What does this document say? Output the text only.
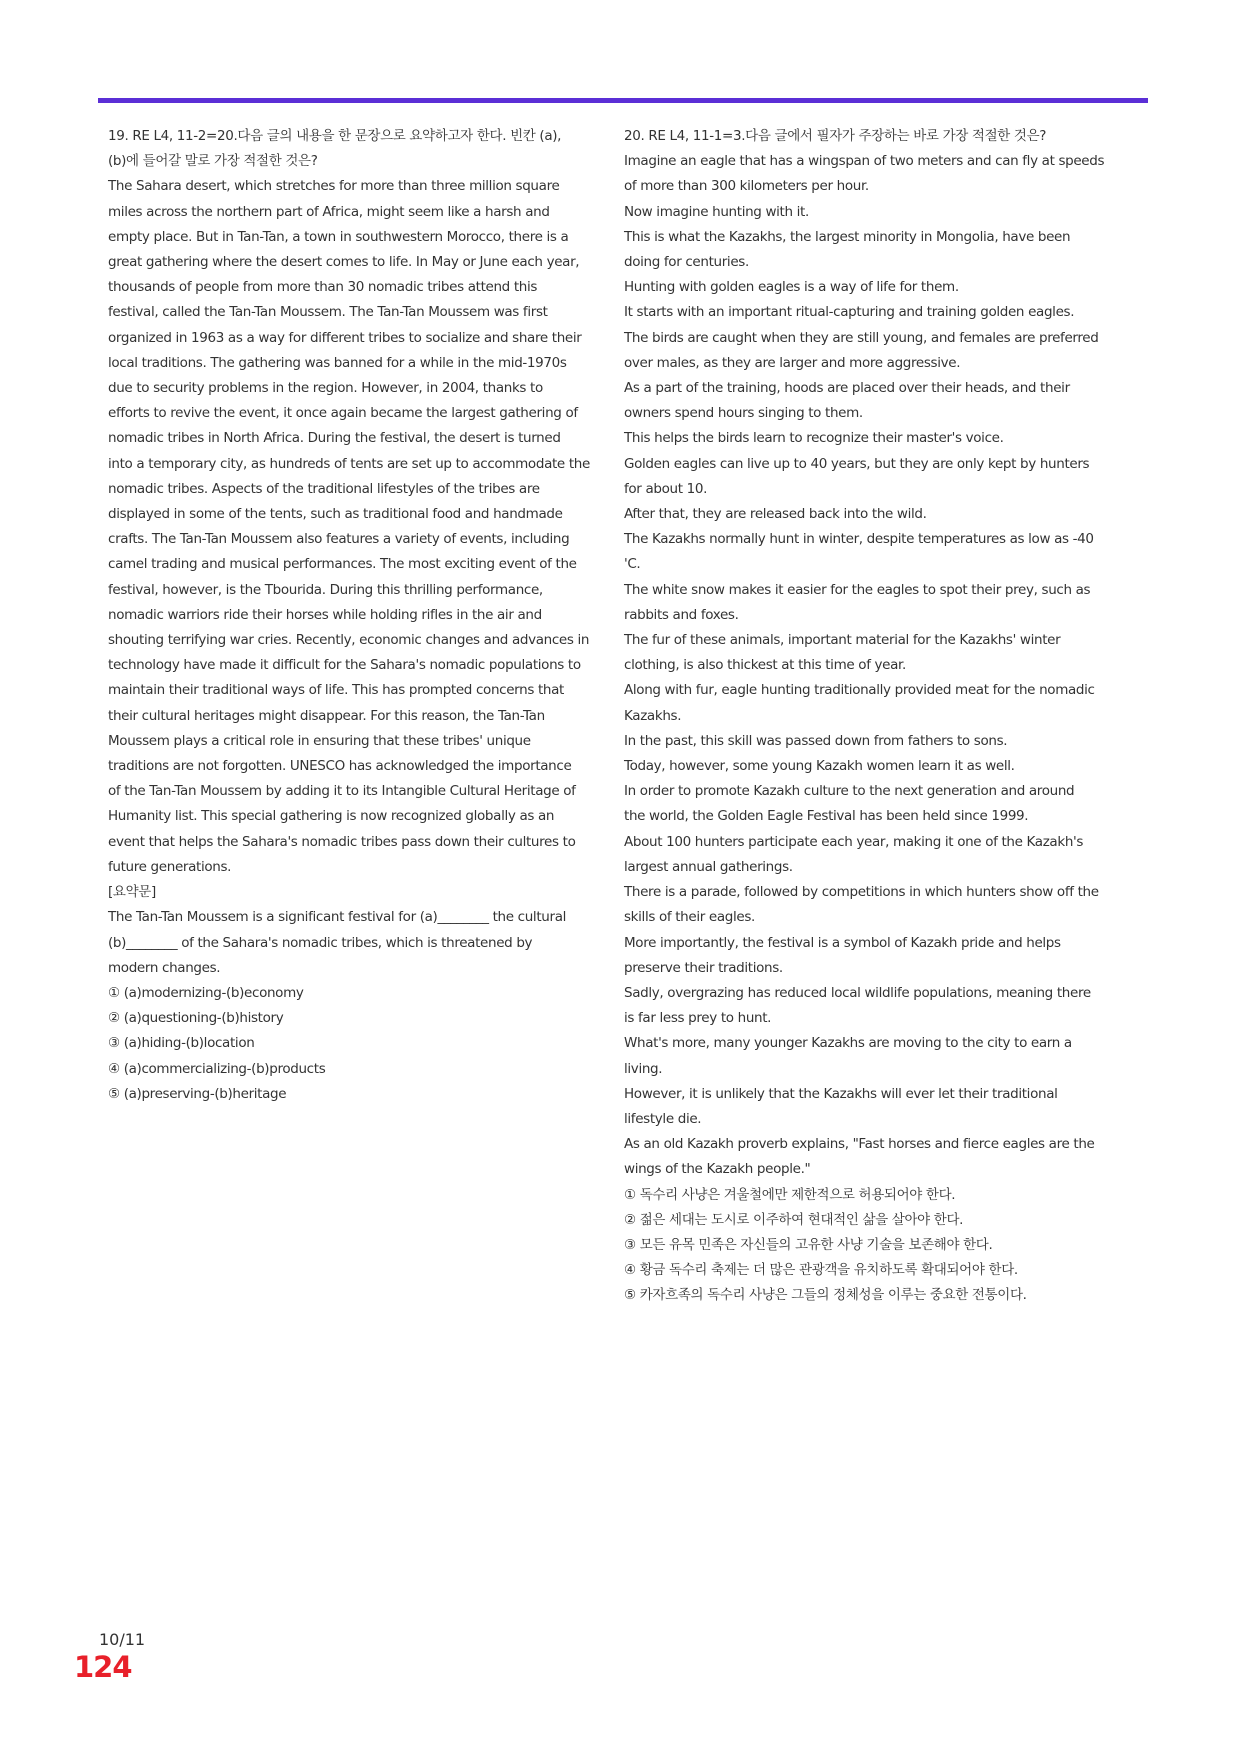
19. RE L4, 11-2=20.다음 글의 내용을 한 문장으로 요약하고자 한다. 빈칸 (a),
(b)에 들어갈 말로 가장 적절한 것은?

The Sahara desert, which stretches for more than three million square
miles across the northern part of Africa, might seem like a harsh and
empty place. But in Tan-Tan, a town in southwestern Morocco, there is a
great gathering where the desert comes to life. In May or June each year,
thousands of people from more than 30 nomadic tribes attend this
festival, called the Tan-Tan Moussem. The Tan-Tan Moussem was first
organized in 1963 as a way for different tribes to socialize and share their
local traditions. The gathering was banned for a while in the mid-1970s
due to security problems in the region. However, in 2004, thanks to
efforts to revive the event, it once again became the largest gathering of
nomadic tribes in North Africa. During the festival, the desert is turned
into a temporary city, as hundreds of tents are set up to accommodate the
nomadic tribes. Aspects of the traditional lifestyles of the tribes are
displayed in some of the tents, such as traditional food and handmade
crafts. The Tan-Tan Moussem also features a variety of events, including
camel trading and musical performances. The most exciting event of the
festival, however, is the Tbourida. During this thrilling performance,
nomadic warriors ride their horses while holding rifles in the air and
shouting terrifying war cries. Recently, economic changes and advances in
technology have made it difficult for the Sahara's nomadic populations to
maintain their traditional ways of life. This has prompted concerns that
their cultural heritages might disappear. For this reason, the Tan-Tan
Moussem plays a critical role in ensuring that these tribes' unique
traditions are not forgotten. UNESCO has acknowledged the importance
of the Tan-Tan Moussem by adding it to its Intangible Cultural Heritage of
Humanity list. This special gathering is now recognized globally as an
event that helps the Sahara's nomadic tribes pass down their cultures to
future generations.

[요약문]

The Tan-Tan Moussem is a significant festival for (a)________ the cultural
(b)________ of the Sahara's nomadic tribes, which is threatened by
modern changes.

① (a)modernizing-(b)economy
② (a)questioning-(b)history
③ (a)hiding-(b)location
④ (a)commercializing-(b)products
⑤ (a)preserving-(b)heritage

20. RE L4, 11-1=3.다음 글에서 필자가 주장하는 바로 가장 적절한 것은?

Imagine an eagle that has a wingspan of two meters and can fly at speeds
of more than 300 kilometers per hour.
Now imagine hunting with it.
This is what the Kazakhs, the largest minority in Mongolia, have been
doing for centuries.
Hunting with golden eagles is a way of life for them.
It starts with an important ritual-capturing and training golden eagles.
The birds are caught when they are still young, and females are preferred
over males, as they are larger and more aggressive.
As a part of the training, hoods are placed over their heads, and their
owners spend hours singing to them.
This helps the birds learn to recognize their master's voice.
Golden eagles can live up to 40 years, but they are only kept by hunters
for about 10.
After that, they are released back into the wild.
The Kazakhs normally hunt in winter, despite temperatures as low as -40
'C.
The white snow makes it easier for the eagles to spot their prey, such as
rabbits and foxes.
The fur of these animals, important material for the Kazakhs' winter
clothing, is also thickest at this time of year.
Along with fur, eagle hunting traditionally provided meat for the nomadic
Kazakhs.
In the past, this skill was passed down from fathers to sons.
Today, however, some young Kazakh women learn it as well.
In order to promote Kazakh culture to the next generation and around
the world, the Golden Eagle Festival has been held since 1999.
About 100 hunters participate each year, making it one of the Kazakh's
largest annual gatherings.
There is a parade, followed by competitions in which hunters show off the
skills of their eagles.
More importantly, the festival is a symbol of Kazakh pride and helps
preserve their traditions.
Sadly, overgrazing has reduced local wildlife populations, meaning there
is far less prey to hunt.
What's more, many younger Kazakhs are moving to the city to earn a
living.
However, it is unlikely that the Kazakhs will ever let their traditional
lifestyle die.
As an old Kazakh proverb explains, "Fast horses and fierce eagles are the
wings of the Kazakh people."

① 독수리 사냥은 겨울철에만 제한적으로 허용되어야 한다.
② 젊은 세대는 도시로 이주하여 현대적인 삶을 살아야 한다.
③ 모든 유목 민족은 자신들의 고유한 사냥 기술을 보존해야 한다.
④ 황금 독수리 축제는 더 많은 관광객을 유치하도록 확대되어야 한다.
⑤ 카자흐족의 독수리 사냥은 그들의 정체성을 이루는 중요한 전통이다.

10/11
124
